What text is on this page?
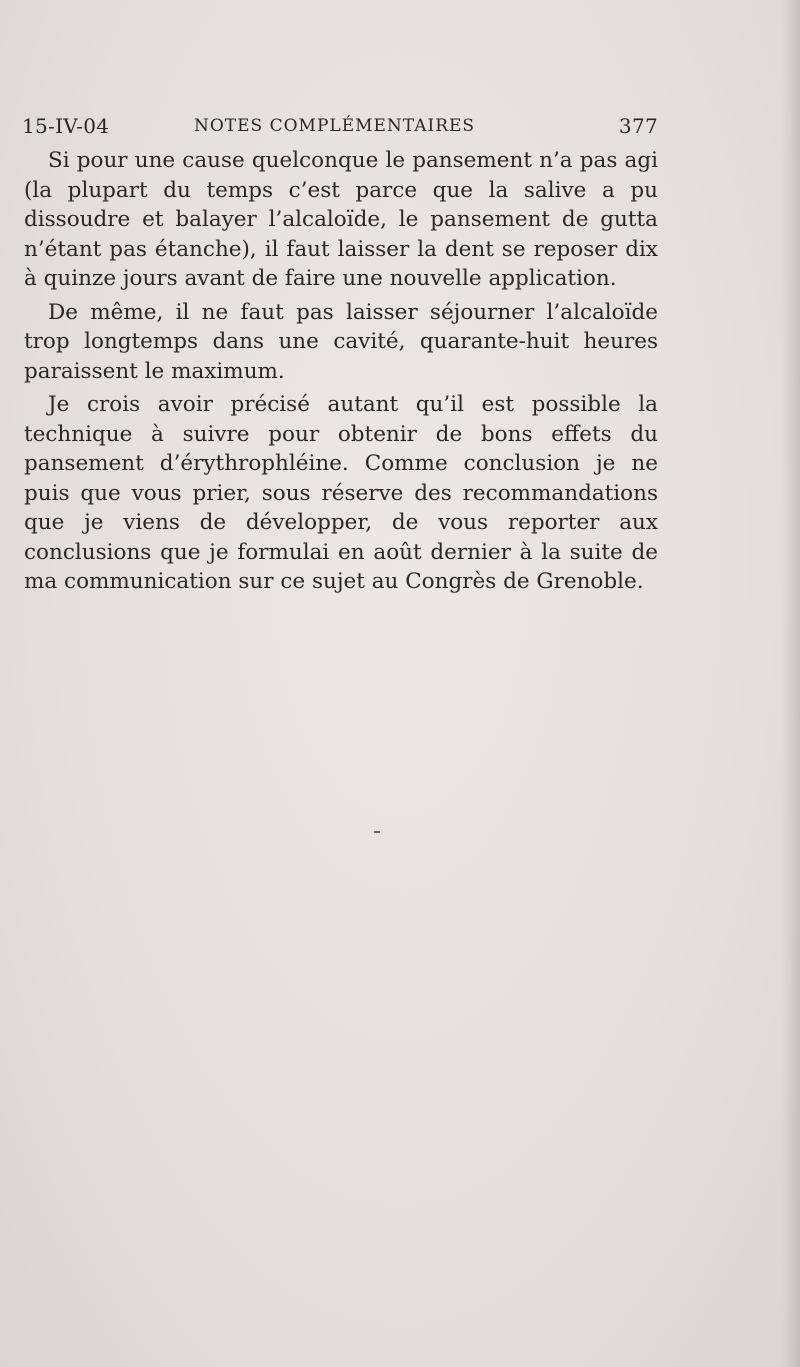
15-IV-04	NOTES COMPLÉMENTAIRES	377

Si pour une cause quelconque le pansement n’a pas agi (la plupart du temps c’est parce que la salive a pu dissoudre et balayer l’alcaloïde, le pansement de gutta n’étant pas étanche), il faut laisser la dent se reposer dix à quinze jours avant de faire une nouvelle application.

De même, il ne faut pas laisser séjourner l’alcaloïde trop longtemps dans une cavité, quarante-huit heures paraissent le maximum.

Je crois avoir précisé autant qu’il est possible la technique à suivre pour obtenir de bons effets du pansement d’érythrophléine. Comme conclusion je ne puis que vous prier, sous réserve des recommandations que je viens de développer, de vous reporter aux conclusions que je formulai en août dernier à la suite de ma communication sur ce sujet au Congrès de Grenoble.
